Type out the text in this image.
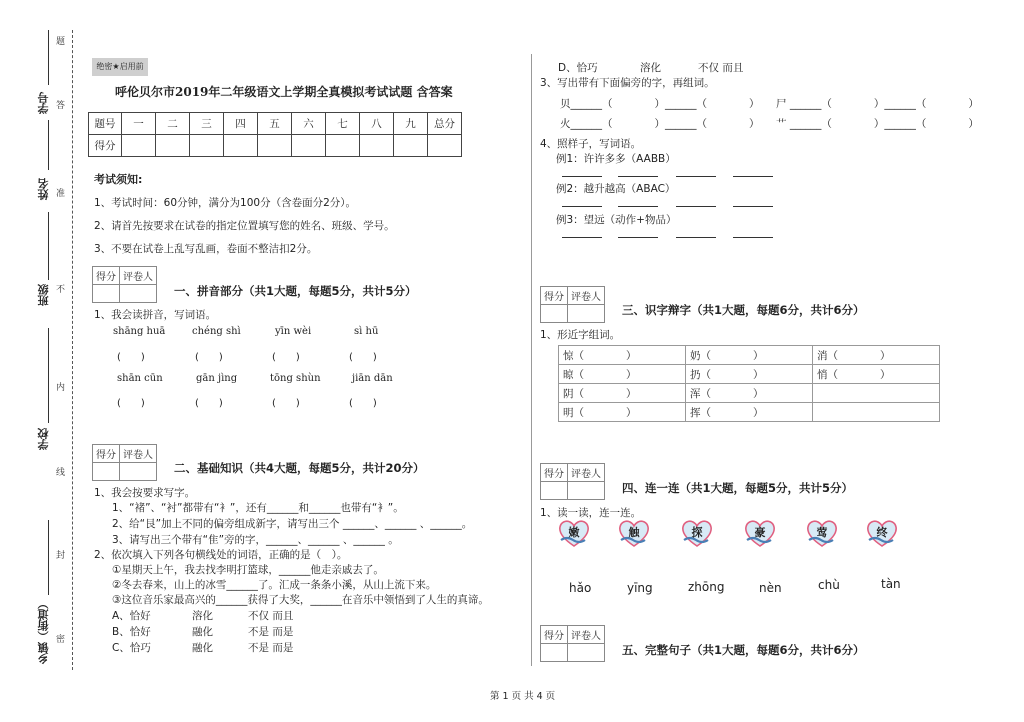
学号
姓名
班级
学校
乡镇（街道）
题
答
准
不
内
线
封
密
绝密★启用前
呼伦贝尔市2019年二年级语文上学期全真模拟考试试题 含答案
题号	一	二	三	四	五	六	七	八	九	总分
得分										
考试须知:
1、考试时间：60分钟，满分为100分（含卷面分2分）。
2、请首先按要求在试卷的指定位置填写您的姓名、班级、学号。
3、不要在试卷上乱写乱画，卷面不整洁扣2分。
得分	评卷人

一、拼音部分（共1大题，每题5分，共计5分）
1、我会读拼音，写词语。
shāng huā	chéng shì	yīn wèi	sì hū
(　　)	(　　)	(　　)	(　　)
shān cūn	gān jìng	tōng shùn	jiān dān
(　　)	(　　)	(　　)	(　　)
得分	评卷人

二、基础知识（共4大题，每题5分，共计20分）
1、我会按要求写字。
1、“褚”、“衬”都带有“衤”，还有______和______也带有“衤”。
2、给“艮”加上不同的偏旁组成新字，请写出三个 ______、______ 、______。
3、请写出三个带有“隹”旁的字，______、______ 、______ 。
2、依次填入下列各句横线处的词语，正确的是（　）。
①星期天上午，我去找李明打篮球，______他走亲戚去了。
②冬去春来，山上的冰雪______了。汇成一条条小溪，从山上流下来。
③这位音乐家最高兴的______获得了大奖，______在音乐中领悟到了人生的真谛。
A、恰好	溶化	不仅 而且
B、恰好	融化	不是 而是
C、恰巧	融化	不是 而是
D、恰巧	溶化	不仅 而且
3、写出带有下面偏旁的字，再组词。
贝______（　　　　）______（　　　　） 尸 ______（　　　　）______（　　　　）
火______（　　　　）______（　　　　） 艹 ______（　　　　）______（　　　　）
4、照样子，写词语。
例1：许许多多（AABB）
例2：越升越高（ABAC）
例3：望远（动作+物品）
得分	评卷人

三、识字辩字（共1大题，每题6分，共计6分）
1、形近字组词。
惊（　　　　）	奶（　　　　）	消（　　　　）
晾（　　　　）	扔（　　　　）	悄（　　　　）
阴（　　　　）	浑（　　　　）	
明（　　　　）	挥（　　　　）	
得分	评卷人

四、连一连（共1大题，每题5分，共计5分）
1、读一读，连一连。
嫩	触	探	豪	莺	终
hǎo	yīng	zhōng	nèn	chù	tàn
得分	评卷人

五、完整句子（共1大题，每题6分，共计6分）
第 1 页 共 4 页
